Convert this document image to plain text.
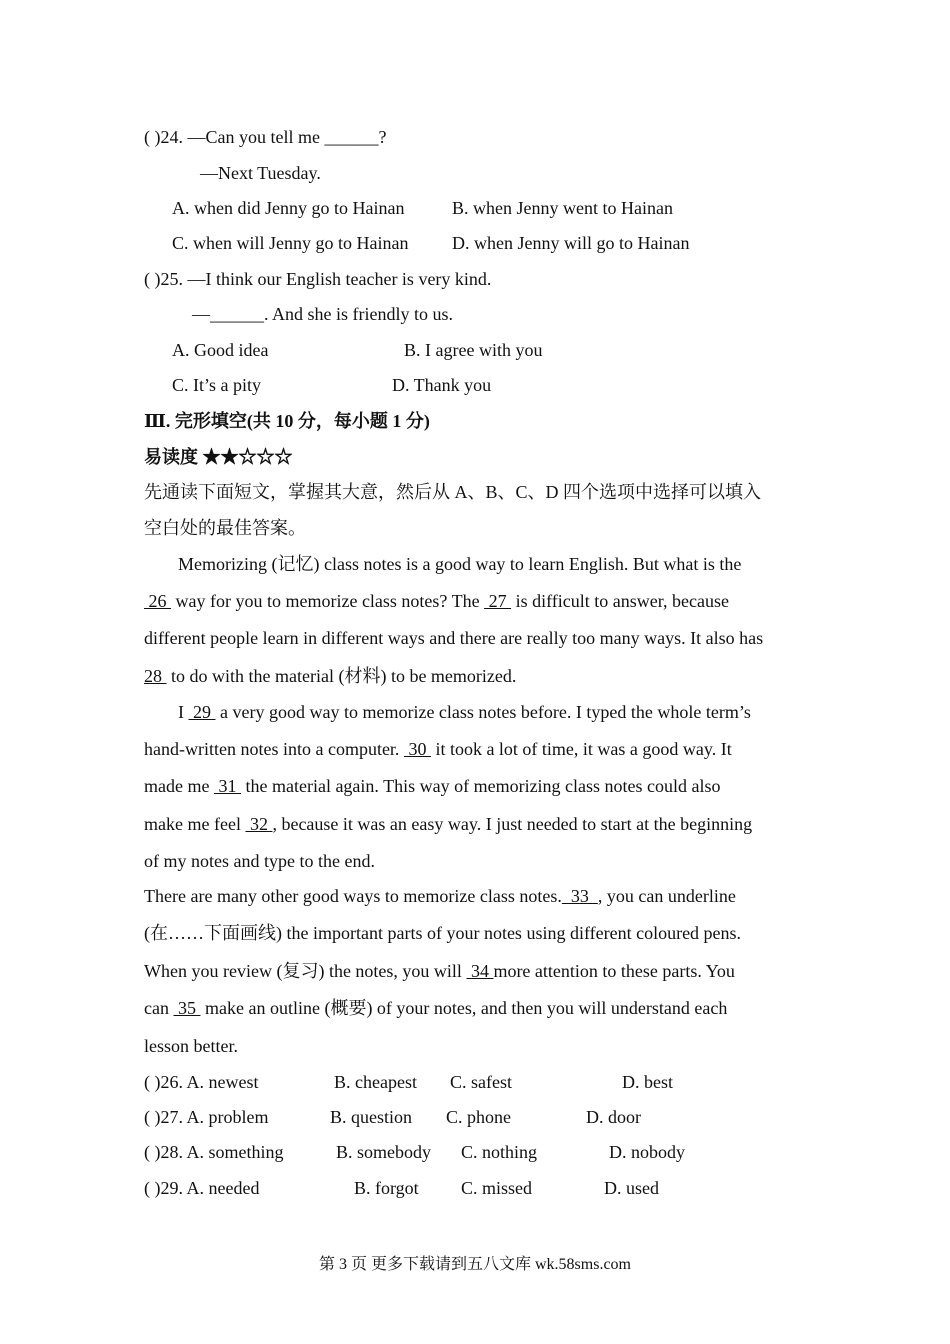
( )24. —Can you tell me ______?
—Next Tuesday.
A. when did Jenny go to Hainan	B. when Jenny went to Hainan
C. when will Jenny go to Hainan D. when Jenny will go to Hainan
( )25. —I think our English teacher is very kind.
—______. And she is friendly to us.
A. Good idea	B. I agree with you
C. It’s a pity	D. Thank you
Ⅲ. 完形填空(共 10 分，每小题 1 分)
易读度 ★★☆☆☆
先通读下面短文，掌握其大意，然后从 A、B、C、D 四个选项中选择可以填入
空白处的最佳答案。
Memorizing (记忆) class notes is a good way to learn English. But what is the
26  way for you to memorize class notes? The  27  is difficult to answer, because
different people learn in different ways and there are really too many ways. It also has
28  to do with the material (材料) to be memorized.
I  29  a very good way to memorize class notes before. I typed the whole term’s
hand-written notes into a computer.  30  it took a lot of time, it was a good way. It
made me  31  the material again. This way of memorizing class notes could also
make me feel  32 , because it was an easy way. I just needed to start at the beginning
of my notes and type to the end.
There are many other good ways to memorize class notes.  33  , you can underline
(在……下面画线) the important parts of your notes using different coloured pens.
When you review (复习) the notes, you will  34 more attention to these parts. You
can  35  make an outline (概要) of your notes, and then you will understand each
lesson better.
( )26. A. newest	B. cheapest C. safest	D. best
( )27. A. problem	B. question C. phone	D. door
( )28. A. something	B. somebody C. nothing	D. nobody
( )29. A. needed	B. forgot C. missed	D. used
第 3 页 更多下载请到五八文库 wk.58sms.com
